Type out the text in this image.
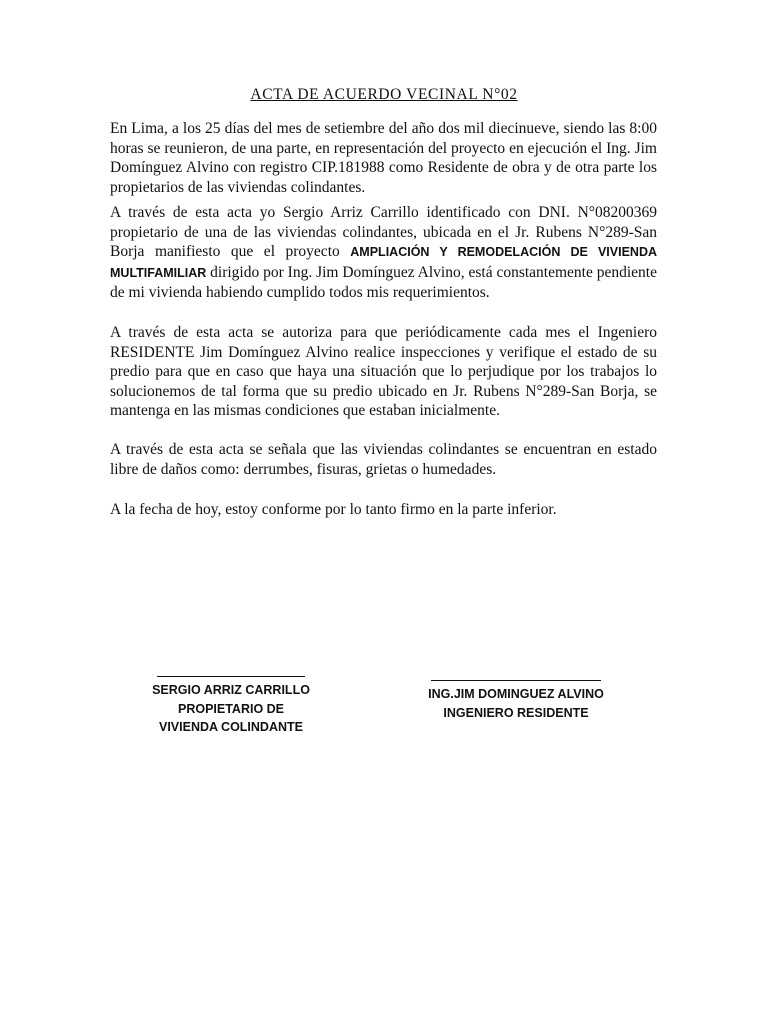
ACTA DE ACUERDO VECINAL N°02

En Lima, a los 25 días del mes de setiembre del año dos mil diecinueve, siendo las 8:00 horas se reunieron, de una parte, en representación del proyecto en ejecución el Ing. Jim Domínguez Alvino con registro CIP.181988 como Residente de obra y de otra parte los propietarios de las viviendas colindantes.

A través de esta acta yo Sergio Arriz Carrillo identificado con DNI. N°08200369 propietario de una de las viviendas colindantes, ubicada en el Jr. Rubens N°289-San Borja manifiesto que el proyecto AMPLIACIÓN Y REMODELACIÓN DE VIVIENDA MULTIFAMILIAR dirigido por Ing. Jim Domínguez Alvino, está constantemente pendiente de mi vivienda habiendo cumplido todos mis requerimientos.

A través de esta acta se autoriza para que periódicamente cada mes el Ingeniero RESIDENTE Jim Domínguez Alvino realice inspecciones y verifique el estado de su predio para que en caso que haya una situación que lo perjudique por los trabajos lo solucionemos de tal forma que su predio ubicado en Jr. Rubens N°289-San Borja, se mantenga en las mismas condiciones que estaban inicialmente.

A través de esta acta se señala que las viviendas colindantes se encuentran en estado libre de daños como: derrumbes, fisuras, grietas o humedades.

A la fecha de hoy, estoy conforme por lo tanto firmo en la parte inferior.

SERGIO ARRIZ CARRILLO
PROPIETARIO DE
VIVIENDA COLINDANTE
ING.JIM DOMINGUEZ ALVINO
INGENIERO RESIDENTE
